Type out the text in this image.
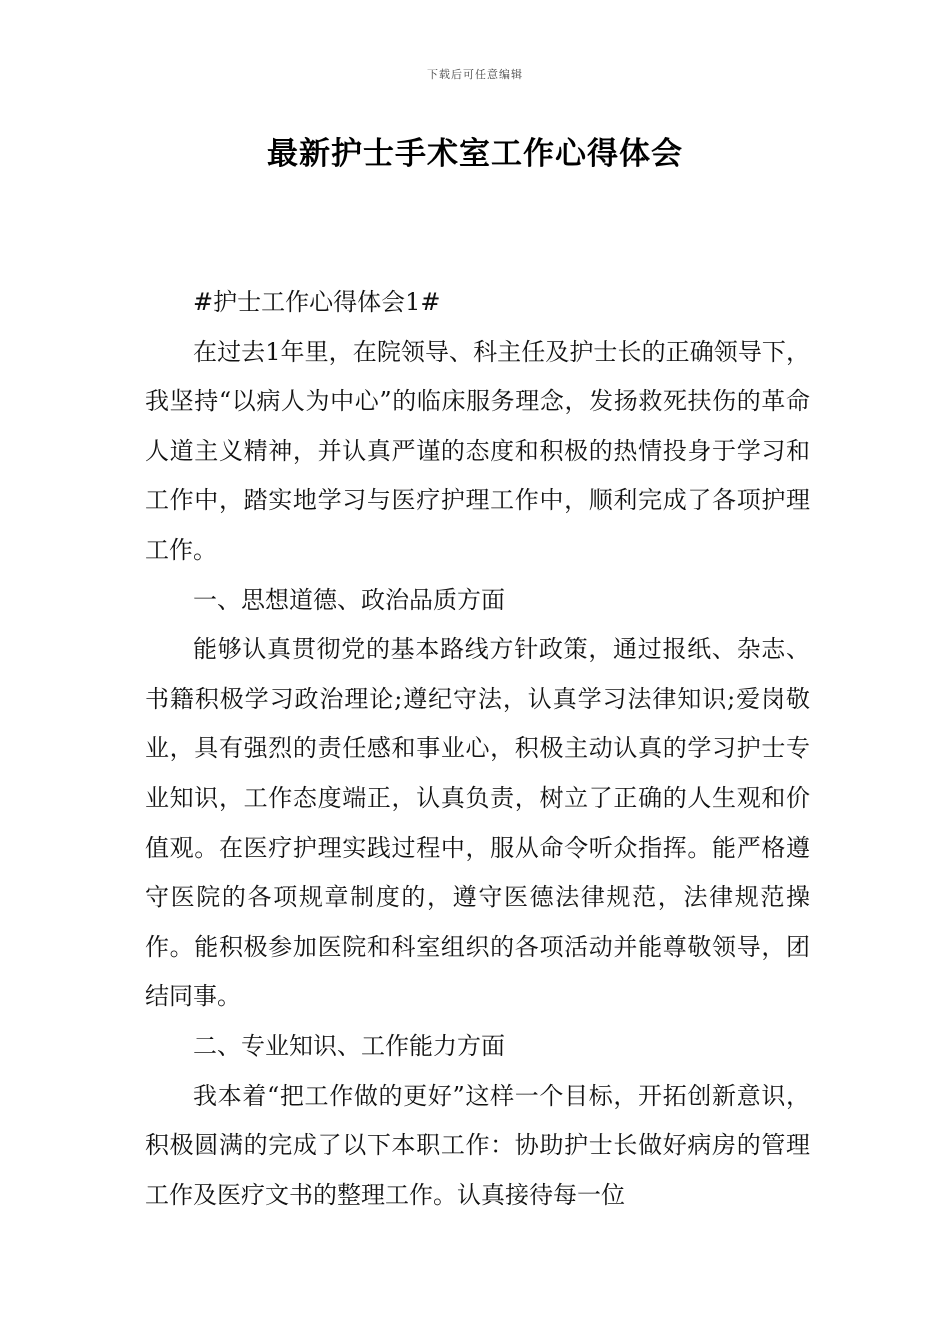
下载后可任意编辑
最新护士手术室工作心得体会

#护士工作心得体会1#

在过去1年里，在院领导、科主任及护士长的正确领导下，我坚持“以病人为中心”的临床服务理念，发扬救死扶伤的革命人道主义精神，并认真严谨的态度和积极的热情投身于学习和工作中，踏实地学习与医疗护理工作中，顺利完成了各项护理工作。

一、思想道德、政治品质方面

能够认真贯彻党的基本路线方针政策，通过报纸、杂志、书籍积极学习政治理论;遵纪守法，认真学习法律知识;爱岗敬业，具有强烈的责任感和事业心，积极主动认真的学习护士专业知识，工作态度端正，认真负责，树立了正确的人生观和价值观。在医疗护理实践过程中，服从命令听众指挥。能严格遵守医院的各项规章制度的，遵守医德法律规范，法律规范操作。能积极参加医院和科室组织的各项活动并能尊敬领导，团结同事。

二、专业知识、工作能力方面

我本着“把工作做的更好”这样一个目标，开拓创新意识，积极圆满的完成了以下本职工作：协助护士长做好病房的管理工作及医疗文书的整理工作。认真接待每一位
